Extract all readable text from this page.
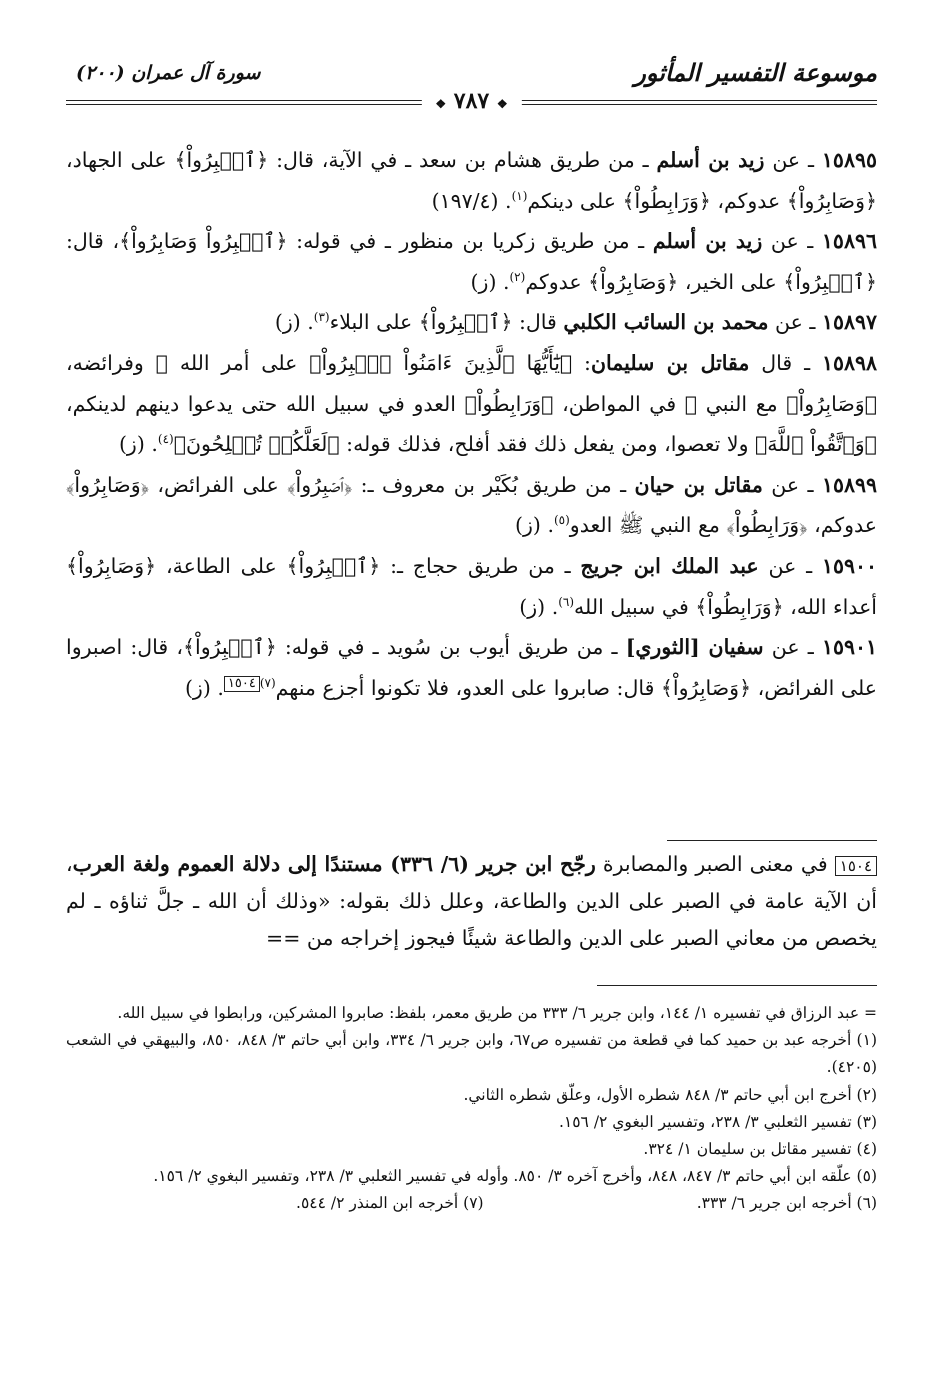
موسوعة التفسير المأثور
سورة آل عمران (٢٠٠)
❖ ٧٨٧ ❖

١٥٨٩٥ ـ عن زيد بن أسلم ـ من طريق هشام بن سعد ـ في الآية، قال: ﴿ٱصۡبِرُواْ﴾ على الجهاد، ﴿وَصَابِرُواْ﴾ عدوكم، ﴿وَرَابِطُواْ﴾ على دينكم$^{(١)}$. (١٩٧/٤)

١٥٨٩٦ ـ عن زيد بن أسلم ـ من طريق زكريا بن منظور ـ في قوله: ﴿ٱصۡبِرُواْ وَصَابِرُواْ﴾، قال: ﴿ٱصۡبِرُواْ﴾ على الخير، ﴿وَصَابِرُواْ﴾ عدوكم$^{(٢)}$. (ز)

١٥٨٩٧ ـ عن محمد بن السائب الكلبي قال: ﴿ٱصۡبِرُواْ﴾ على البلاء$^{(٣)}$. (ز)

١٥٨٩٨ ـ قال مقاتل بن سليمان: ﴿يَٰٓأَيُّهَا ٱلَّذِينَ ءَامَنُواْ ٱصۡبِرُواْ﴾ على أمر الله ﷻ وفرائضه، ﴿وَصَابِرُواْ﴾ مع النبي ﷺ في المواطن، ﴿وَرَابِطُواْ﴾ العدو في سبيل الله حتى يدعوا دينهم لدينكم، ﴿وَٱتَّقُواْ ٱللَّهَ﴾ ولا تعصوا، ومن يفعل ذلك فقد أفلح، فذلك قوله: ﴿لَعَلَّكُمۡ تُفۡلِحُونَ﴾$^{(٤)}$. (ز)

١٥٨٩٩ ـ عن مقاتل بن حيان ـ من طريق بُكَيْر بن معروف ـ: ﴿ٱصۡبِرُواْ﴾ على الفرائض، ﴿وَصَابِرُواْ﴾ عدوكم، ﴿وَرَابِطُواْ﴾ مع النبي ﷺ العدو$^{(٥)}$. (ز)

١٥٩٠٠ ـ عن عبد الملك ابن جريج ـ من طريق حجاج ـ: ﴿ٱصۡبِرُواْ﴾ على الطاعة، ﴿وَصَابِرُواْ﴾ أعداء الله، ﴿وَرَابِطُواْ﴾ في سبيل الله$^{(٦)}$. (ز)

١٥٩٠١ ـ عن سفيان [الثوري] ـ من طريق أيوب بن سُويد ـ في قوله: ﴿ٱصۡبِرُواْ﴾، قال: اصبروا على الفرائض، ﴿وَصَابِرُواْ﴾ قال: صابروا على العدو، فلا تكونوا أجزع منهم$^{(٧)}$١٥٠٤. (ز)

١٥٠٤ في معنى الصبر والمصابرة رجّح ابن جرير (٦/ ٣٣٦) مستندًا إلى دلالة العموم ولغة العرب، أن الآية عامة في الصبر على الدين والطاعة، وعلل ذلك بقوله: «وذلك أن الله ـ جلَّ ثناؤه ـ لم يخصص من معاني الصبر على الدين والطاعة شيئًا فيجوز إخراجه من ==

= عبد الرزاق في تفسيره ١/ ١٤٤، وابن جرير ٦/ ٣٣٣ من طريق معمر، بلفظ: صابروا المشركين، ورابطوا في سبيل الله.

(١) أخرجه عبد بن حميد كما في قطعة من تفسيره ص٦٧، وابن جرير ٦/ ٣٣٤، وابن أبي حاتم ٣/ ٨٤٨، ٨٥٠، والبيهقي في الشعب (٤٢٠٥).

(٢) أخرج ابن أبي حاتم ٣/ ٨٤٨ شطره الأول، وعلّق شطره الثاني.

(٣) تفسير الثعلبي ٣/ ٢٣٨، وتفسير البغوي ٢/ ١٥٦.

(٤) تفسير مقاتل بن سليمان ١/ ٣٢٤.

(٥) علّقه ابن أبي حاتم ٣/ ٨٤٧، ٨٤٨، وأخرج آخره ٣/ ٨٥٠. وأوله في تفسير الثعلبي ٣/ ٢٣٨، وتفسير البغوي ٢/ ١٥٦.

(٦) أخرجه ابن جرير ٦/ ٣٣٣.
(٧) أخرجه ابن المنذر ٢/ ٥٤٤.
